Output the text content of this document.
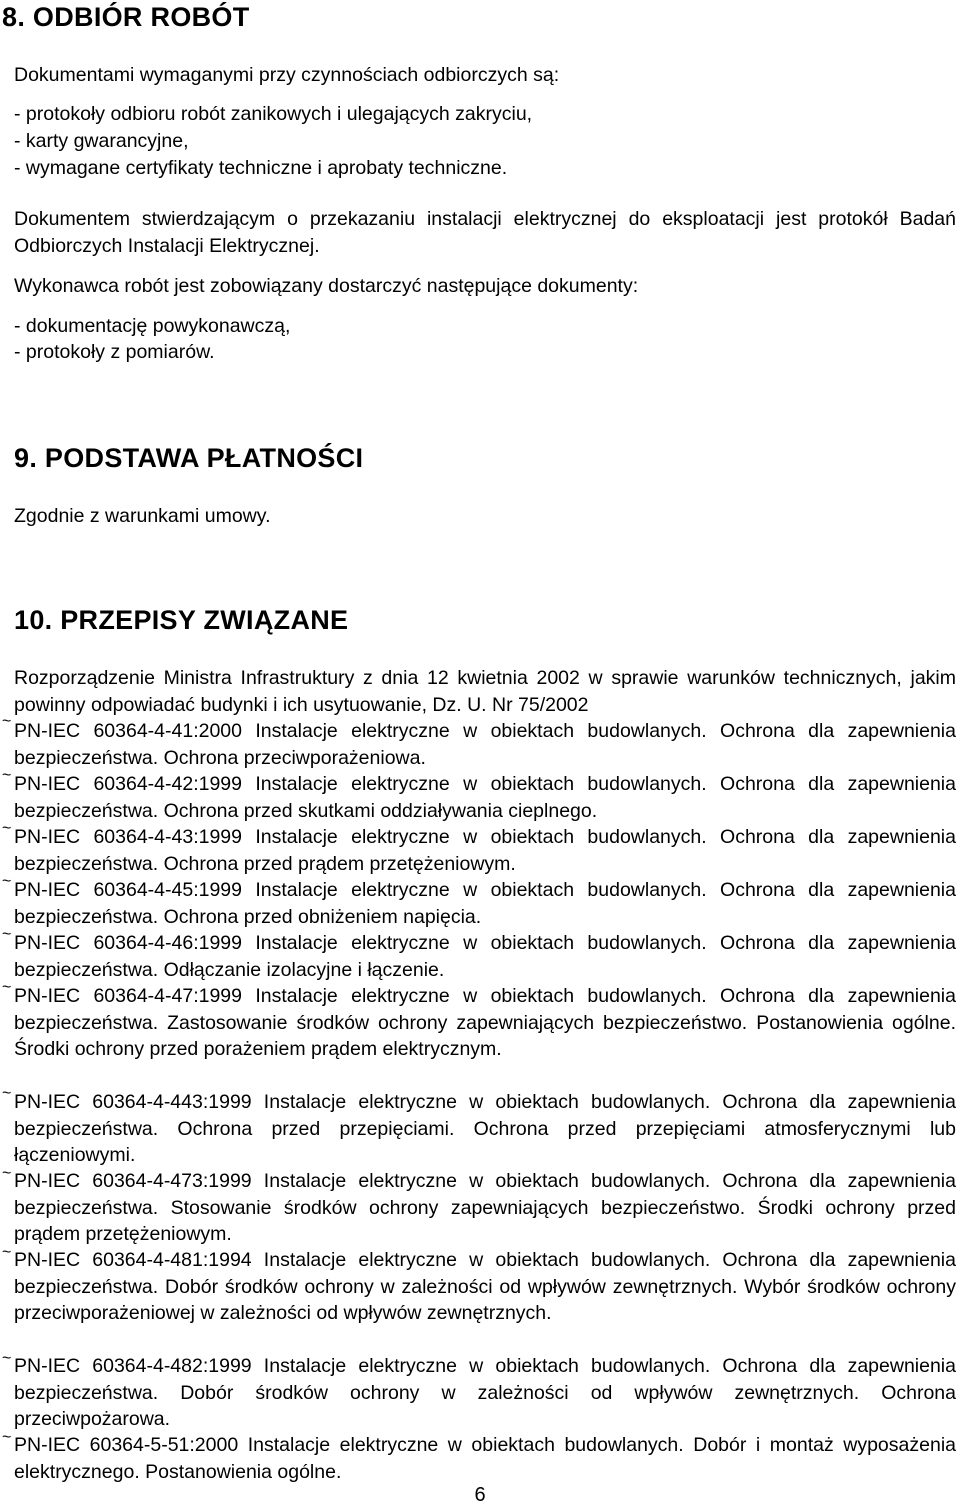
8. ODBIÓR ROBÓT
Dokumentami wymaganymi przy czynnościach odbiorczych są:
- protokoły odbioru robót zanikowych i ulegających zakryciu,
- karty gwarancyjne,
- wymagane certyfikaty techniczne i aprobaty techniczne.
Dokumentem stwierdzającym o przekazaniu instalacji elektrycznej do eksploatacji jest protokół Badań Odbiorczych Instalacji Elektrycznej.
Wykonawca robót jest zobowiązany dostarczyć następujące dokumenty:
- dokumentację powykonawczą,
- protokoły z pomiarów.
9. PODSTAWA PŁATNOŚCI
Zgodnie z warunkami umowy.
10. PRZEPISY ZWIĄZANE
Rozporządzenie Ministra Infrastruktury z dnia 12 kwietnia 2002 w sprawie warunków technicznych, jakim powinny odpowiadać budynki i ich usytuowanie, Dz. U. Nr 75/2002
~ PN-IEC 60364-4-41:2000 Instalacje elektryczne w obiektach budowlanych. Ochrona dla zapewnienia bezpieczeństwa. Ochrona przeciwporażeniowa.
~ PN-IEC 60364-4-42:1999 Instalacje elektryczne w obiektach budowlanych. Ochrona dla zapewnienia bezpieczeństwa. Ochrona przed skutkami oddziaływania cieplnego.
~ PN-IEC 60364-4-43:1999 Instalacje elektryczne w obiektach budowlanych. Ochrona dla zapewnienia bezpieczeństwa. Ochrona przed prądem przetężeniowym.
~ PN-IEC 60364-4-45:1999 Instalacje elektryczne w obiektach budowlanych. Ochrona dla zapewnienia bezpieczeństwa. Ochrona przed obniżeniem napięcia.
~ PN-IEC 60364-4-46:1999 Instalacje elektryczne w obiektach budowlanych. Ochrona dla zapewnienia bezpieczeństwa. Odłączanie izolacyjne i łączenie.
~ PN-IEC 60364-4-47:1999 Instalacje elektryczne w obiektach budowlanych. Ochrona dla zapewnienia bezpieczeństwa. Zastosowanie środków ochrony zapewniających bezpieczeństwo. Postanowienia ogólne. Środki ochrony przed porażeniem prądem elektrycznym.
~ PN-IEC 60364-4-443:1999 Instalacje elektryczne w obiektach budowlanych. Ochrona dla zapewnienia bezpieczeństwa. Ochrona przed przepięciami. Ochrona przed przepięciami atmosferycznymi lub łączeniowymi.
~ PN-IEC 60364-4-473:1999 Instalacje elektryczne w obiektach budowlanych. Ochrona dla zapewnienia bezpieczeństwa. Stosowanie środków ochrony zapewniających bezpieczeństwo. Środki ochrony przed prądem przetężeniowym.
~ PN-IEC 60364-4-481:1994 Instalacje elektryczne w obiektach budowlanych. Ochrona dla zapewnienia bezpieczeństwa. Dobór środków ochrony w zależności od wpływów zewnętrznych. Wybór środków ochrony przeciwporażeniowej w zależności od wpływów zewnętrznych.
~ PN-IEC 60364-4-482:1999 Instalacje elektryczne w obiektach budowlanych. Ochrona dla zapewnienia bezpieczeństwa. Dobór środków ochrony w zależności od wpływów zewnętrznych. Ochrona przeciwpożarowa.
~ PN-IEC 60364-5-51:2000 Instalacje elektryczne w obiektach budowlanych. Dobór i montaż wyposażenia elektrycznego. Postanowienia ogólne.
6
